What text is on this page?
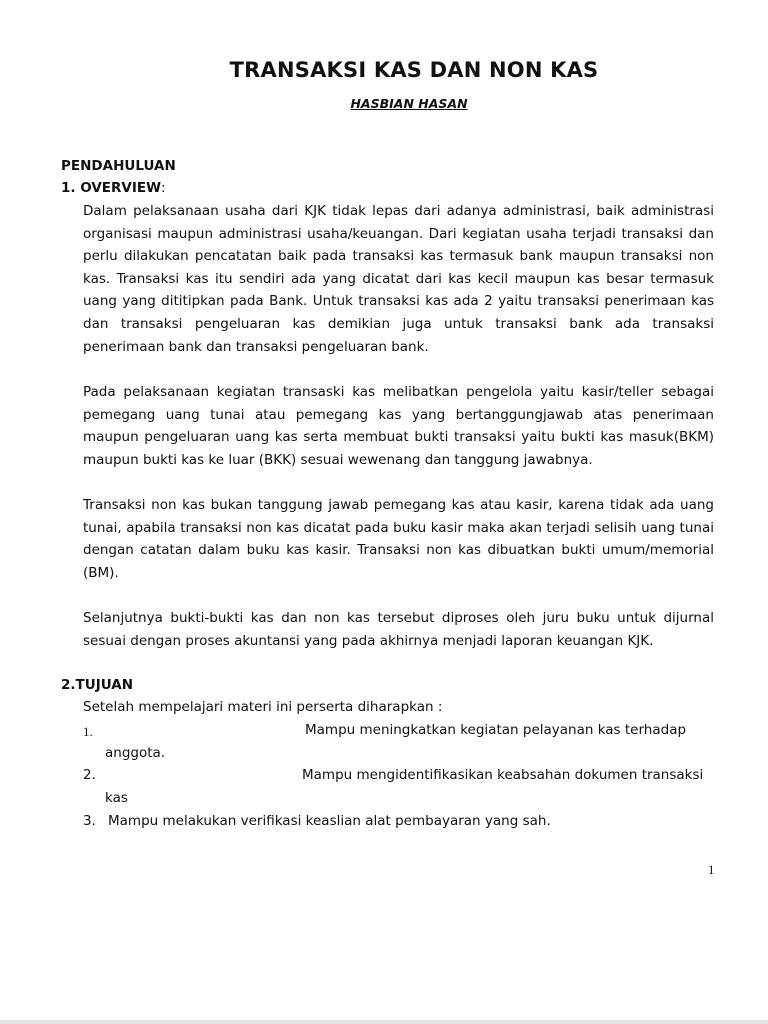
TRANSAKSI KAS DAN NON KAS
HASBIAN HASAN
PENDAHULUAN
1. OVERVIEW:

Dalam pelaksanaan usaha dari KJK tidak lepas dari adanya administrasi, baik administrasi organisasi maupun administrasi usaha/keuangan. Dari kegiatan usaha terjadi transaksi dan perlu dilakukan pencatatan baik pada transaksi kas termasuk bank maupun transaksi non kas. Transaksi kas itu sendiri ada yang dicatat dari kas kecil maupun kas besar termasuk uang yang dititipkan pada Bank. Untuk transaksi kas ada 2 yaitu transaksi penerimaan kas dan transaksi pengeluaran kas demikian juga untuk transaksi bank ada transaksi penerimaan bank dan transaksi pengeluaran bank.

Pada pelaksanaan kegiatan transaski kas melibatkan pengelola yaitu kasir/teller sebagai pemegang uang tunai atau pemegang kas yang bertanggungjawab atas penerimaan maupun pengeluaran uang kas serta membuat bukti transaksi yaitu bukti kas masuk(BKM) maupun bukti kas ke luar (BKK) sesuai wewenang dan tanggung jawabnya.

Transaksi non kas bukan tanggung jawab pemegang kas atau kasir, karena tidak ada uang tunai, apabila transaksi non kas dicatat pada buku kasir maka akan terjadi selisih uang tunai dengan catatan dalam buku kas kasir. Transaksi non kas dibuatkan bukti umum/memorial (BM).

Selanjutnya bukti-bukti kas dan non kas tersebut diproses oleh juru buku untuk dijurnal sesuai dengan proses akuntansi yang pada akhirnya menjadi laporan keuangan KJK.

2.TUJUAN
Setelah mempelajari materi ini perserta diharapkan :
1.	Mampu meningkatkan kegiatan pelayanan kas terhadap
anggota.
2.	Mampu mengidentifikasikan keabsahan dokumen transaksi
kas
3. Mampu melakukan verifikasi keaslian alat pembayaran yang sah.
1
